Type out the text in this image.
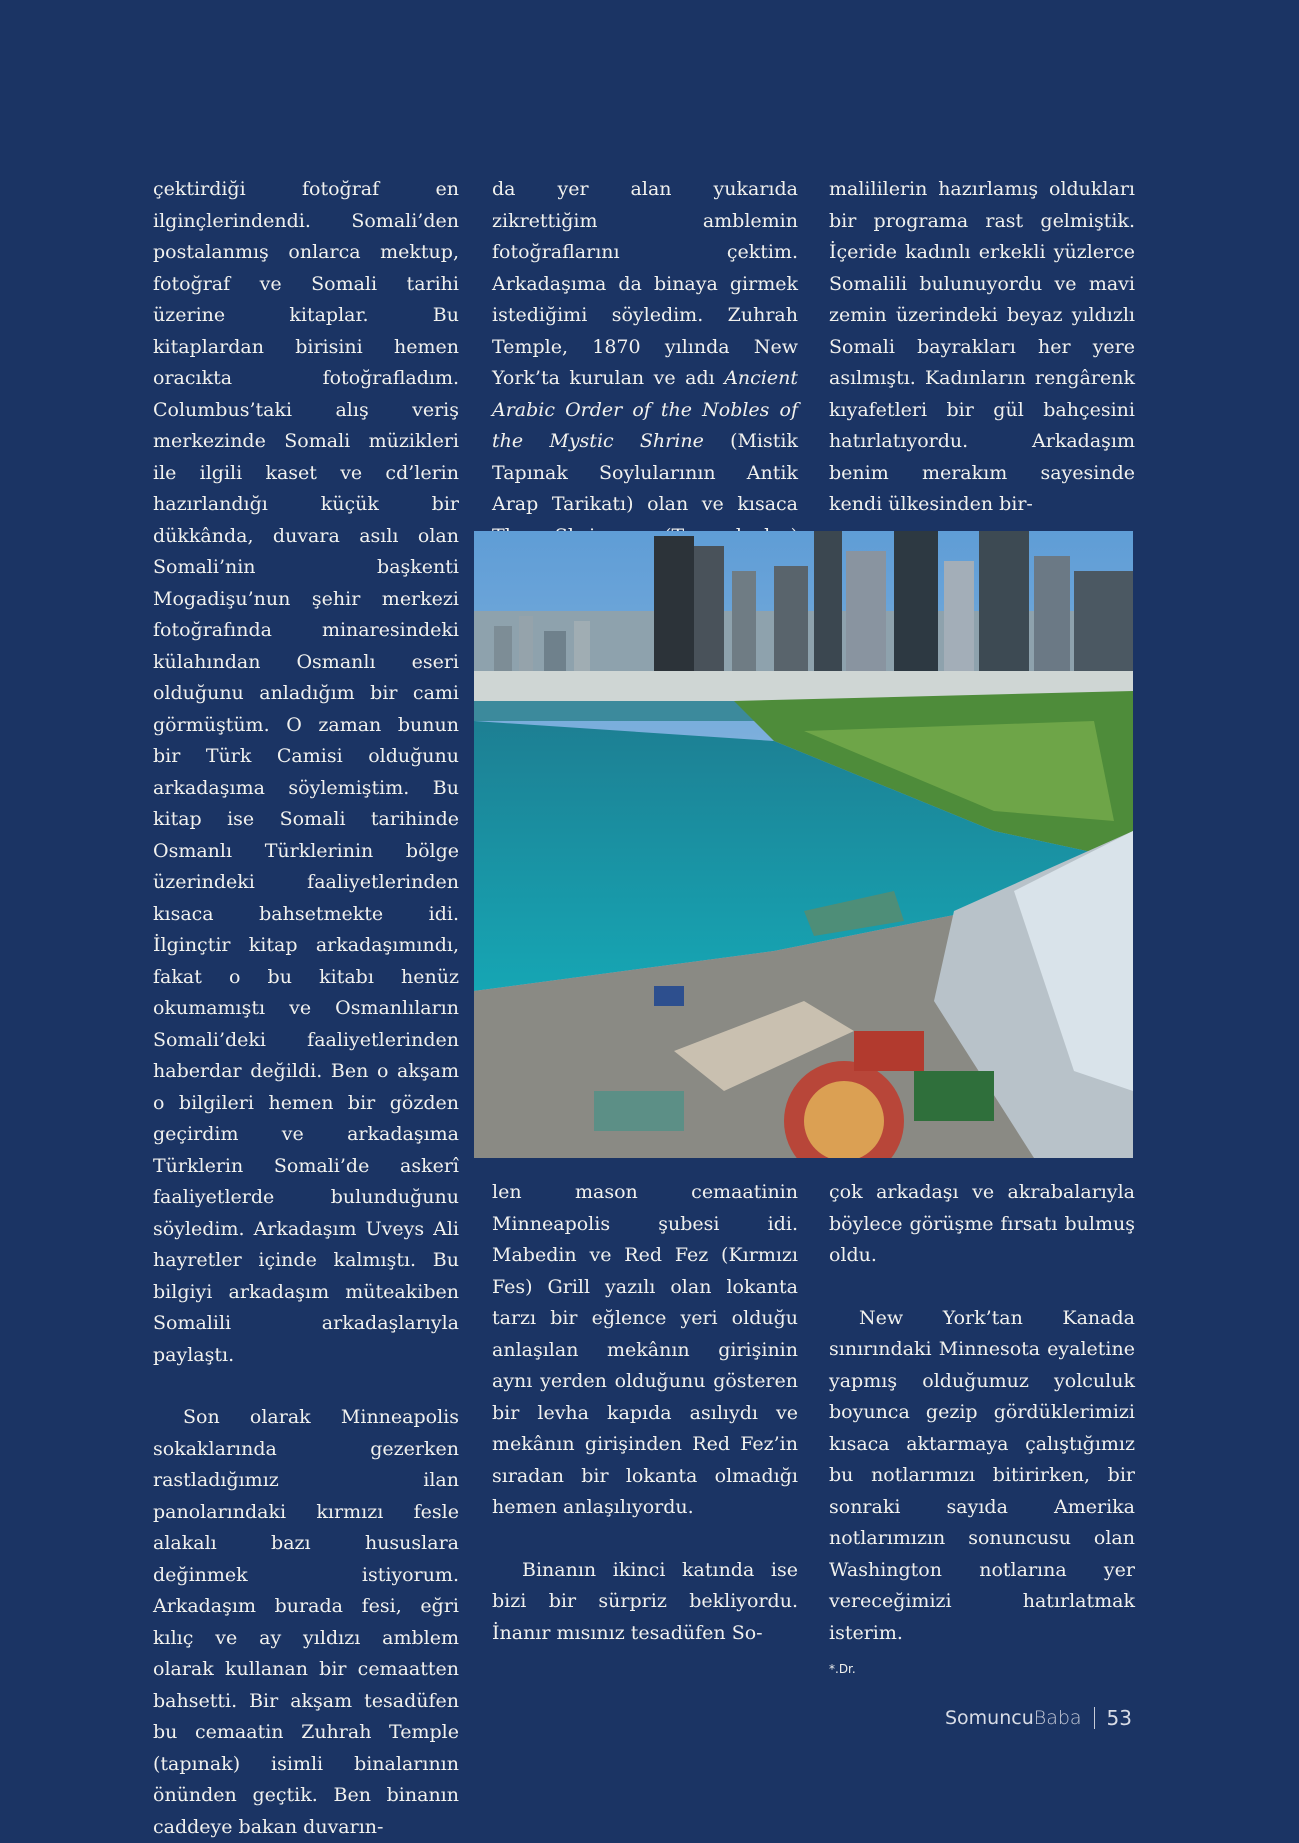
çektirdiği fotoğraf en ilginçlerindendi. Somali’den postalanmış onlarca mektup, fotoğraf ve Somali tarihi üzerine kitaplar. Bu kitaplardan birisini hemen oracıkta fotoğrafladım. Columbus’taki alış veriş merkezinde Somali müzikleri ile ilgili kaset ve cd’lerin hazırlandığı küçük bir dükkânda, duvara asılı olan Somali’nin başkenti Mogadişu’nun şehir merkezi fotoğrafında minaresindeki külahından Osmanlı eseri olduğunu anladığım bir cami görmüştüm. O zaman bunun bir Türk Camisi olduğunu arkadaşıma söylemiştim. Bu kitap ise Somali tarihinde Osmanlı Türklerinin bölge üzerindeki faaliyetlerinden kısaca bahsetmekte idi. İlginçtir kitap arkadaşımındı, fakat o bu kitabı henüz okumamıştı ve Osmanlıların Somali’deki faaliyetlerinden haberdar değildi. Ben o akşam o bilgileri hemen bir gözden geçirdim ve arkadaşıma Türklerin Somali’de askerî faaliyetlerde bulunduğunu söyledim. Arkadaşım Uveys Ali hayretler içinde kalmıştı. Bu bilgiyi arkadaşım müteakiben Somalili arkadaşlarıyla paylaştı.

Son olarak Minneapolis sokaklarında gezerken rastladığımız ilan panolarındaki kırmızı fesle alakalı bazı hususlara değinmek istiyorum. Arkadaşım burada fesi, eğri kılıç ve ay yıldızı amblem olarak kullanan bir cemaatten bahsetti. Bir akşam tesadüfen bu cemaatin Zuhrah Temple (tapınak) isimli binalarının önünden geçtik. Ben binanın caddeye bakan duvarın-

da yer alan yukarıda zikrettiğim amblemin fotoğraflarını çektim. Arkadaşıma da binaya girmek istediğimi söyledim. Zuhrah Temple, 1870 yılında New York’ta kurulan ve adı Ancient Arabic Order of the Nobles of the Mystic Shrine (Mistik Tapınak Soylularının Antik Arap Tarikatı) olan ve kısaca

malililerin hazırlamış oldukları bir programa rast gelmiştik. İçeride kadınlı erkekli yüzlerce Somalili bulunuyordu ve mavi zemin üzerindeki beyaz yıldızlı Somali bayrakları her yere asılmıştı. Kadınların rengârenk kıyafetleri bir gül bahçesini hatırlatıyordu. Arkadaşım benim merakım sayesinde kendi ülkesinden bir-

len mason cemaatinin Minneapolis şubesi idi. Mabedin ve Red Fez (Kırmızı Fes) Grill yazılı olan lokanta tarzı bir eğlence yeri olduğu anlaşılan mekânın girişinin aynı yerden olduğunu gösteren bir levha kapıda asılıydı ve mekânın girişinden Red Fez’in sıradan bir lokanta olmadığı hemen anlaşılıyordu.

Binanın ikinci katında ise bizi bir sürpriz bekliyordu. İnanır mısınız tesadüfen So-

çok arkadaşı ve akrabalarıyla böylece görüşme fırsatı bulmuş oldu.

New York’tan Kanada sınırındaki Minnesota eyaletine yapmış olduğumuz yolculuk boyunca gezip gördüklerimizi kısaca aktarmaya çalıştığımız bu notlarımızı bitirirken, bir sonraki sayıda Amerika notlarımızın sonuncusu olan Washington notlarına yer vereceğimizi hatırlatmak isterim.

*.Dr.
SomuncuBaba 53
